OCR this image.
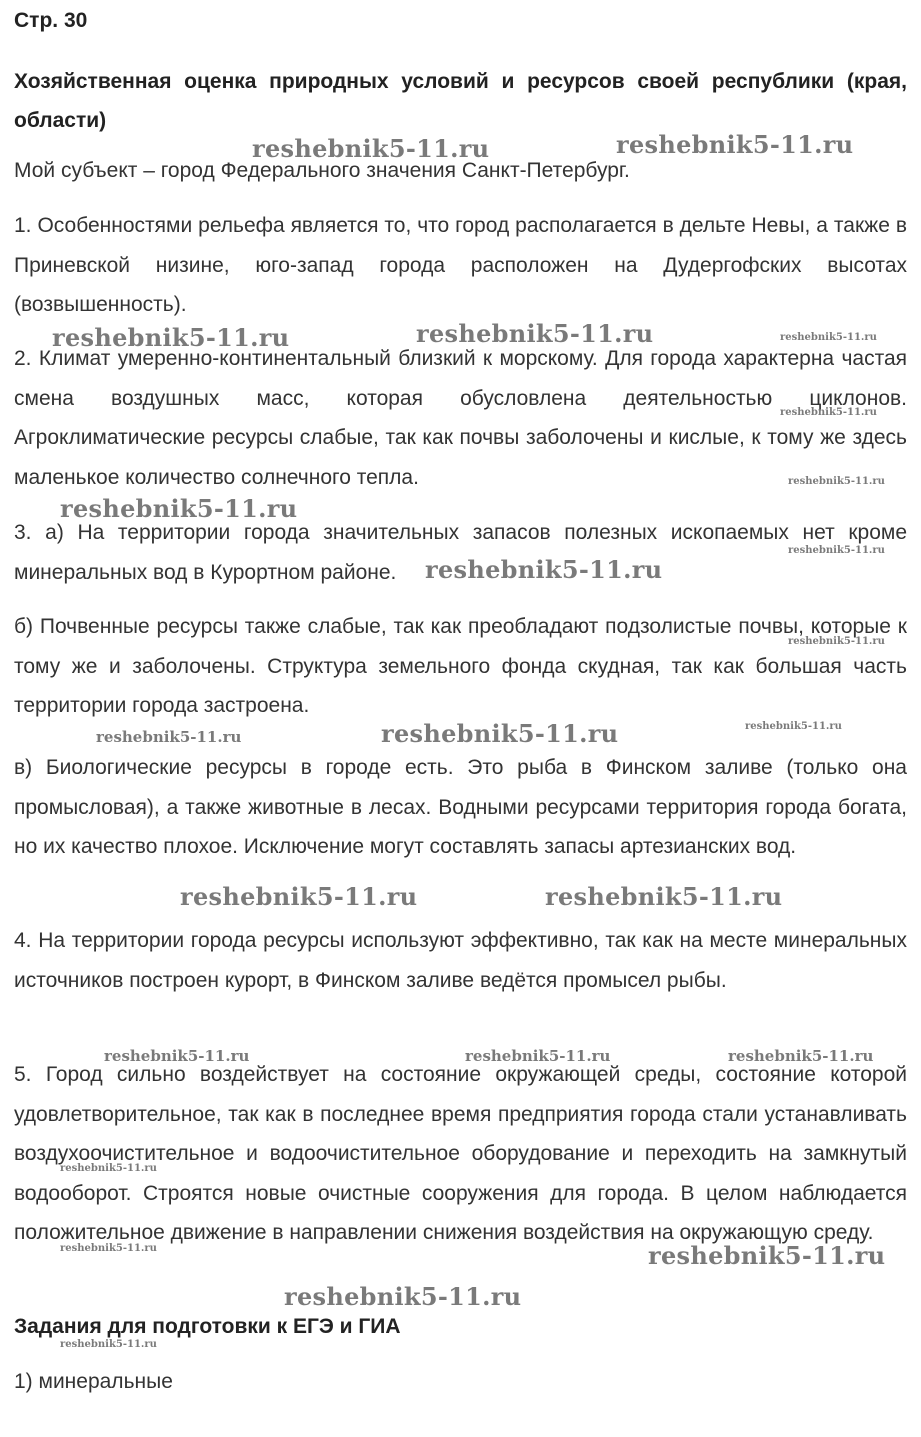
Стр. 30

Хозяйственная оценка природных условий и ресурсов своей республики (края, области)

Мой субъект – город Федерального значения Санкт-Петербург.

1. Особенностями рельефа является то, что город располагается в дельте Невы, а также в Приневской низине, юго-запад города расположен на Дудергофских высотах (возвышенность).

2. Климат умеренно-континентальный близкий к морскому. Для города характерна частая смена воздушных масс, которая обусловлена деятельностью циклонов. Агроклиматические ресурсы слабые, так как почвы заболочены и кислые, к тому же здесь маленькое количество солнечного тепла.

3. а) На территории города значительных запасов полезных ископаемых нет кроме минеральных вод в Курортном районе.

б) Почвенные ресурсы также слабые, так как преобладают подзолистые почвы, которые к тому же и заболочены. Структура земельного фонда скудная, так как большая часть территории города застроена.

в) Биологические ресурсы в городе есть. Это рыба в Финском заливе (только она промысловая), а также животные в лесах. Водными ресурсами территория города богата, но их качество плохое. Исключение могут составлять запасы артезианских вод.

4. На территории города ресурсы используют эффективно, так как на месте минеральных источников построен курорт, в Финском заливе ведётся промысел рыбы.

5. Город сильно воздействует на состояние окружающей среды, состояние которой удовлетворительное, так как в последнее время предприятия города стали устанавливать воздухоочистительное и водоочистительное оборудование и переходить на замкнутый водооборот. Строятся новые очистные сооружения для города. В целом наблюдается положительное движение в направлении снижения воздействия на окружающую среду.

Задания для подготовки к ЕГЭ и ГИА

1) минеральные

reshebnik5-11.ru	reshebnik5-11.ru
reshebnik5-11.ru	reshebnik5-11.ru	reshebnik5-11.ru
reshebnik5-11.ru
reshebnik5-11.ru
reshebnik5-11.ru
reshebnik5-11.ru
reshebnik5-11.ru
reshebnik5-11.ru
reshebnik5-11.ru
reshebnik5-11.ru	reshebnik5-11.ru
reshebnik5-11.ru	reshebnik5-11.ru
reshebnik5-11.ru	reshebnik5-11.ru	reshebnik5-11.ru
reshebnik5-11.ru
reshebnik5-11.ru	reshebnik5-11.ru
reshebnik5-11.ru
reshebnik5-11.ru
